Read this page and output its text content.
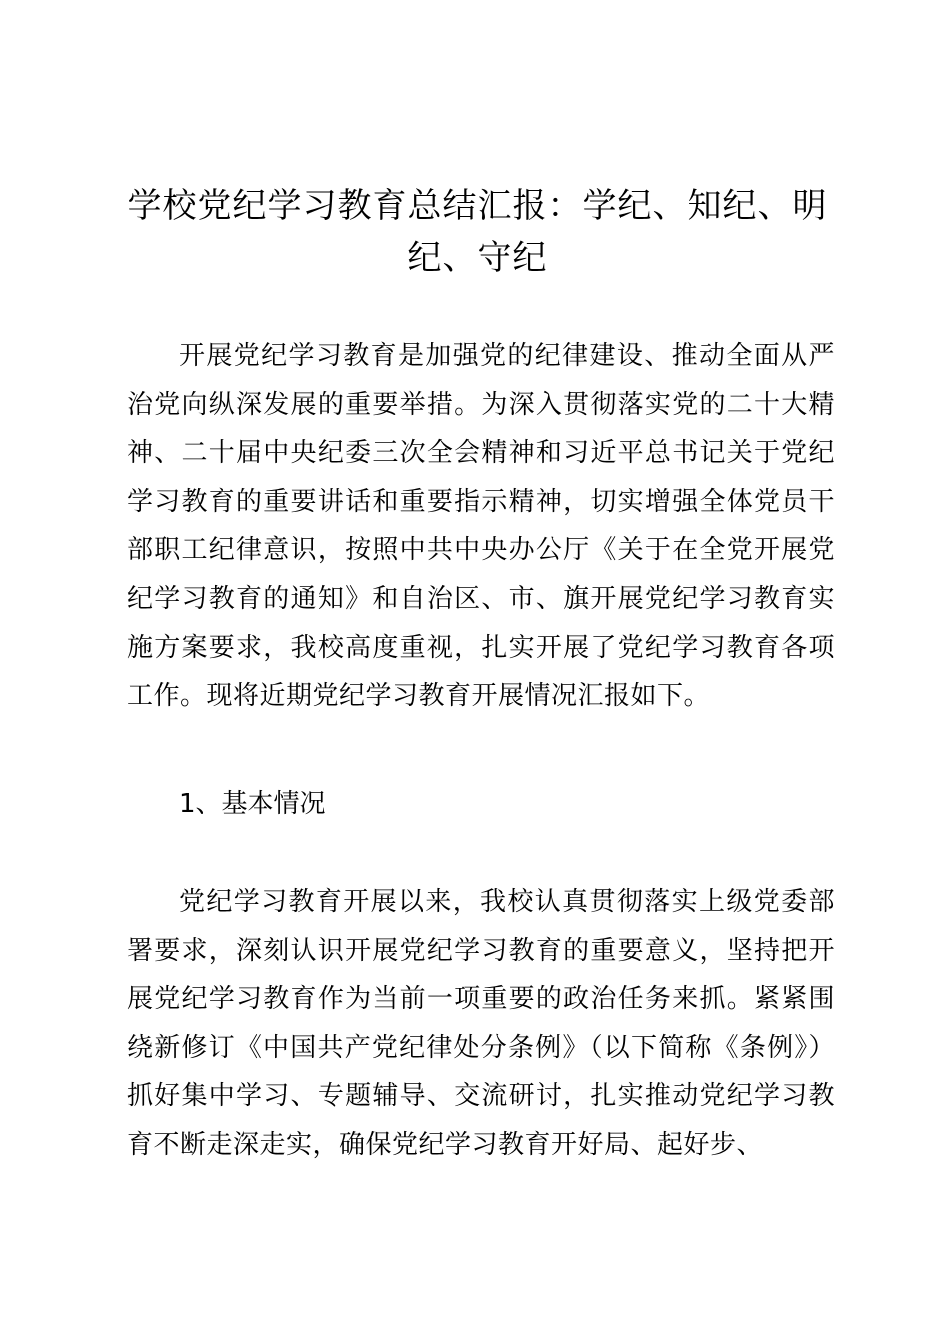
学校党纪学习教育总结汇报：学纪、知纪、明纪、守纪

开展党纪学习教育是加强党的纪律建设、推动全面从严治党向纵深发展的重要举措。为深入贯彻落实党的二十大精神、二十届中央纪委三次全会精神和习近平总书记关于党纪学习教育的重要讲话和重要指示精神，切实增强全体党员干部职工纪律意识，按照中共中央办公厅《关于在全党开展党纪学习教育的通知》和自治区、市、旗开展党纪学习教育实施方案要求，我校高度重视，扎实开展了党纪学习教育各项工作。现将近期党纪学习教育开展情况汇报如下。

1、基本情况

党纪学习教育开展以来，我校认真贯彻落实上级党委部署要求，深刻认识开展党纪学习教育的重要意义，坚持把开展党纪学习教育作为当前一项重要的政治任务来抓。紧紧围绕新修订《中国共产党纪律处分条例》（以下简称《条例》）抓好集中学习、专题辅导、交流研讨，扎实推动党纪学习教育不断走深走实，确保党纪学习教育开好局、起好步、
